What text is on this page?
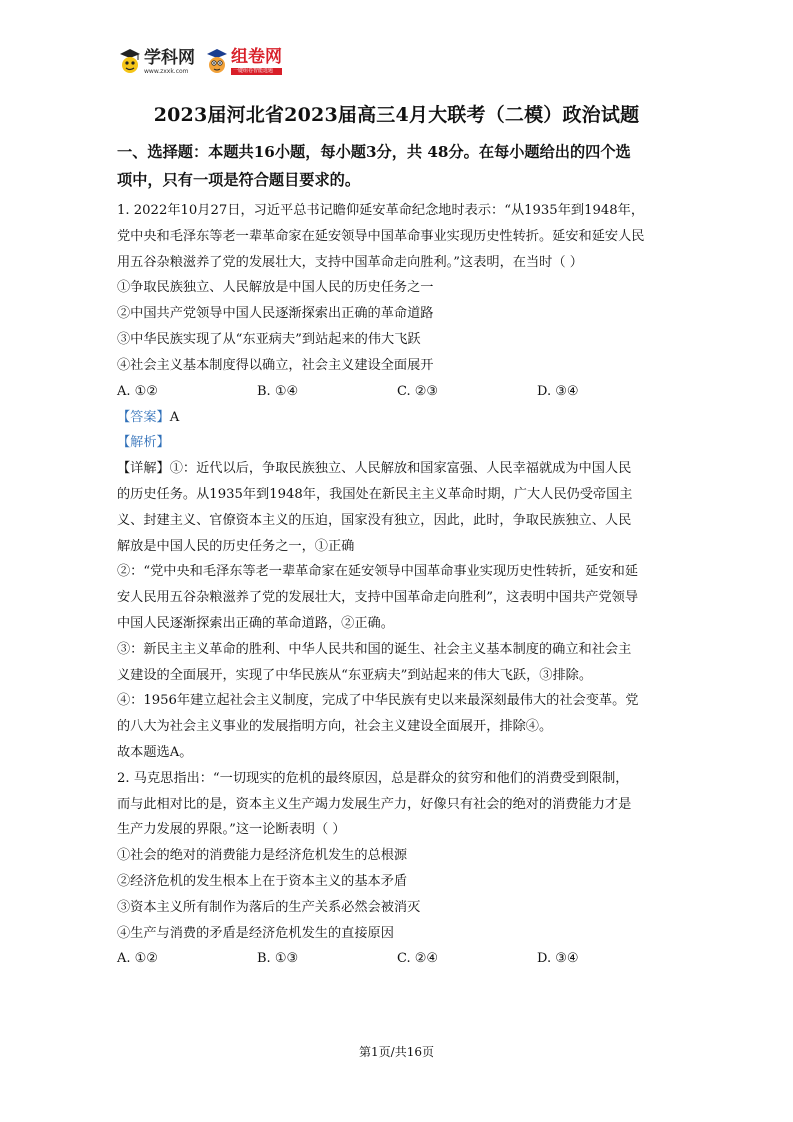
学科网
www.zxxk.com
组卷网
一键组卷智能选题
2023届河北省2023届高三4月大联考（二模）政治试题
一、选择题：本题共16小题，每小题3分，共 48分。在每小题给出的四个选
项中，只有一项是符合题目要求的。
1. 2022年10月27日，习近平总书记瞻仰延安革命纪念地时表示：“从1935年到1948年，
党中央和毛泽东等老一辈革命家在延安领导中国革命事业实现历史性转折。延安和延安人民
用五谷杂粮滋养了党的发展壮大，支持中国革命走向胜利。”这表明，在当时（ ）
①争取民族独立、人民解放是中国人民的历史任务之一
②中国共产党领导中国人民逐渐探索出正确的革命道路
③中华民族实现了从“东亚病夫”到站起来的伟大飞跃
④社会主义基本制度得以确立，社会主义建设全面展开
A. ①②	B. ①④	C. ②③	D. ③④
【答案】A
【解析】
【详解】①：近代以后，争取民族独立、人民解放和国家富强、人民幸福就成为中国人民
的历史任务。从1935年到1948年，我国处在新民主主义革命时期，广大人民仍受帝国主
义、封建主义、官僚资本主义的压迫，国家没有独立，因此，此时，争取民族独立、人民
解放是中国人民的历史任务之一，①正确
②：“党中央和毛泽东等老一辈革命家在延安领导中国革命事业实现历史性转折，延安和延
安人民用五谷杂粮滋养了党的发展壮大，支持中国革命走向胜利”，这表明中国共产党领导
中国人民逐渐探索出正确的革命道路，②正确。
③：新民主主义革命的胜利、中华人民共和国的诞生、社会主义基本制度的确立和社会主
义建设的全面展开，实现了中华民族从“东亚病夫”到站起来的伟大飞跃，③排除。
④：1956年建立起社会主义制度，完成了中华民族有史以来最深刻最伟大的社会变革。党
的八大为社会主义事业的发展指明方向，社会主义建设全面展开，排除④。
故本题选A。
2. 马克思指出：“一切现实的危机的最终原因，总是群众的贫穷和他们的消费受到限制，
而与此相对比的是，资本主义生产竭力发展生产力，好像只有社会的绝对的消费能力才是
生产力发展的界限。”这一论断表明（ ）
①社会的绝对的消费能力是经济危机发生的总根源
②经济危机的发生根本上在于资本主义的基本矛盾
③资本主义所有制作为落后的生产关系必然会被消灭
④生产与消费的矛盾是经济危机发生的直接原因
A. ①②	B. ①③	C. ②④	D. ③④
第1页/共16页
